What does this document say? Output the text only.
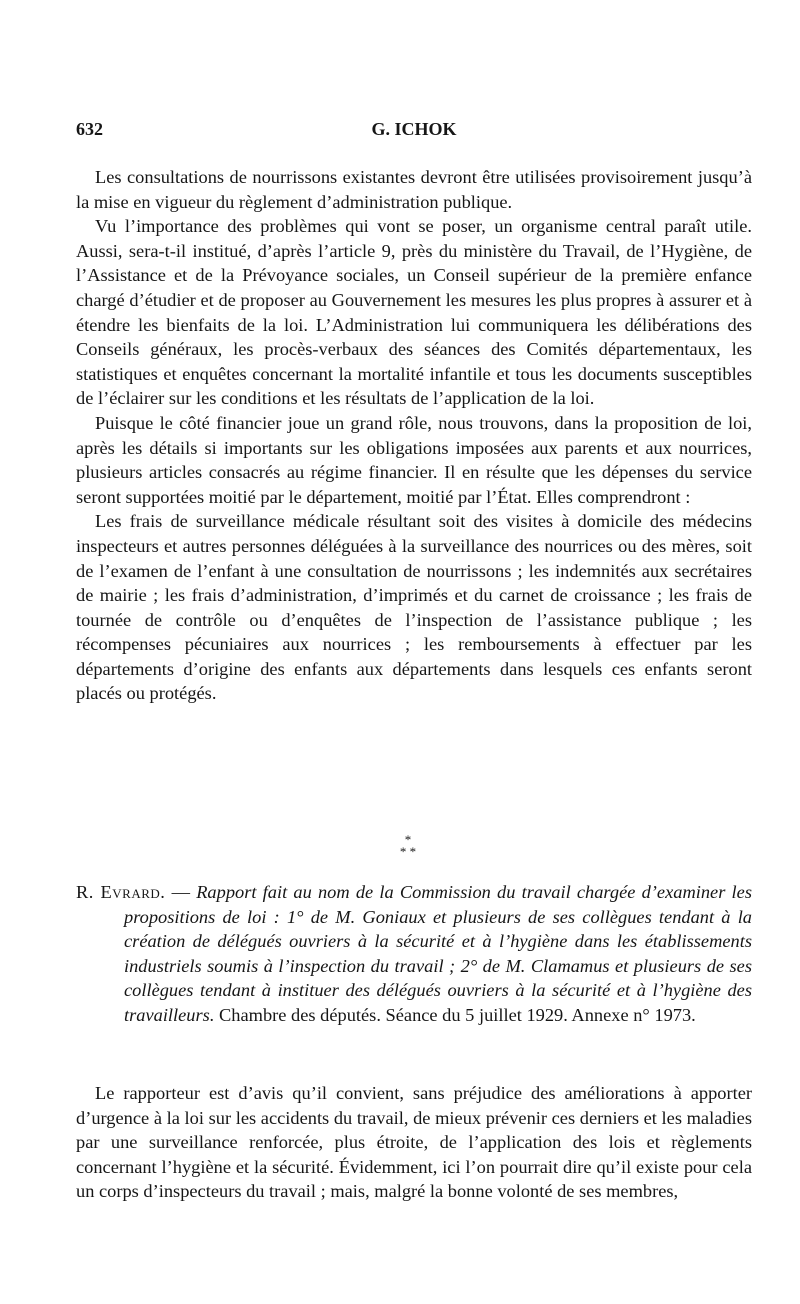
632	G. ICHOK

Les consultations de nourrissons existantes devront être utilisées provisoirement jusqu’à la mise en vigueur du règlement d’administration publique.

Vu l’importance des problèmes qui vont se poser, un organisme central paraît utile. Aussi, sera-t-il institué, d’après l’article 9, près du ministère du Travail, de l’Hygiène, de l’Assistance et de la Prévoyance sociales, un Conseil supérieur de la première enfance chargé d’étudier et de proposer au Gouvernement les mesures les plus propres à assurer et à étendre les bienfaits de la loi. L’Administration lui communiquera les délibérations des Conseils généraux, les procès-verbaux des séances des Comités départementaux, les statistiques et enquêtes concernant la mortalité infantile et tous les documents susceptibles de l’éclairer sur les conditions et les résultats de l’application de la loi.

Puisque le côté financier joue un grand rôle, nous trouvons, dans la proposition de loi, après les détails si importants sur les obligations imposées aux parents et aux nourrices, plusieurs articles consacrés au régime financier. Il en résulte que les dépenses du service seront supportées moitié par le département, moitié par l’État. Elles comprendront :

Les frais de surveillance médicale résultant soit des visites à domicile des médecins inspecteurs et autres personnes déléguées à la surveillance des nourrices ou des mères, soit de l’examen de l’enfant à une consultation de nourrissons ; les indemnités aux secrétaires de mairie ; les frais d’administration, d’imprimés et du carnet de croissance ; les frais de tournée de contrôle ou d’enquêtes de l’inspection de l’assistance publique ; les récompenses pécuniaires aux nourrices ; les remboursements à effectuer par les départements d’origine des enfants aux départements dans lesquels ces enfants seront placés ou protégés.

*
* *

R. Evrard. — Rapport fait au nom de la Commission du travail chargée d’examiner les propositions de loi : 1° de M. Goniaux et plusieurs de ses collègues tendant à la création de délégués ouvriers à la sécurité et à l’hygiène dans les établissements industriels soumis à l’inspection du travail ; 2° de M. Clamamus et plusieurs de ses collègues tendant à instituer des délégués ouvriers à la sécurité et à l’hygiène des travailleurs. Chambre des députés. Séance du 5 juillet 1929. Annexe n° 1973.

Le rapporteur est d’avis qu’il convient, sans préjudice des améliorations à apporter d’urgence à la loi sur les accidents du travail, de mieux prévenir ces derniers et les maladies par une surveillance renforcée, plus étroite, de l’application des lois et règlements concernant l’hygiène et la sécurité. Évidemment, ici l’on pourrait dire qu’il existe pour cela un corps d’inspecteurs du travail ; mais, malgré la bonne volonté de ses membres,
